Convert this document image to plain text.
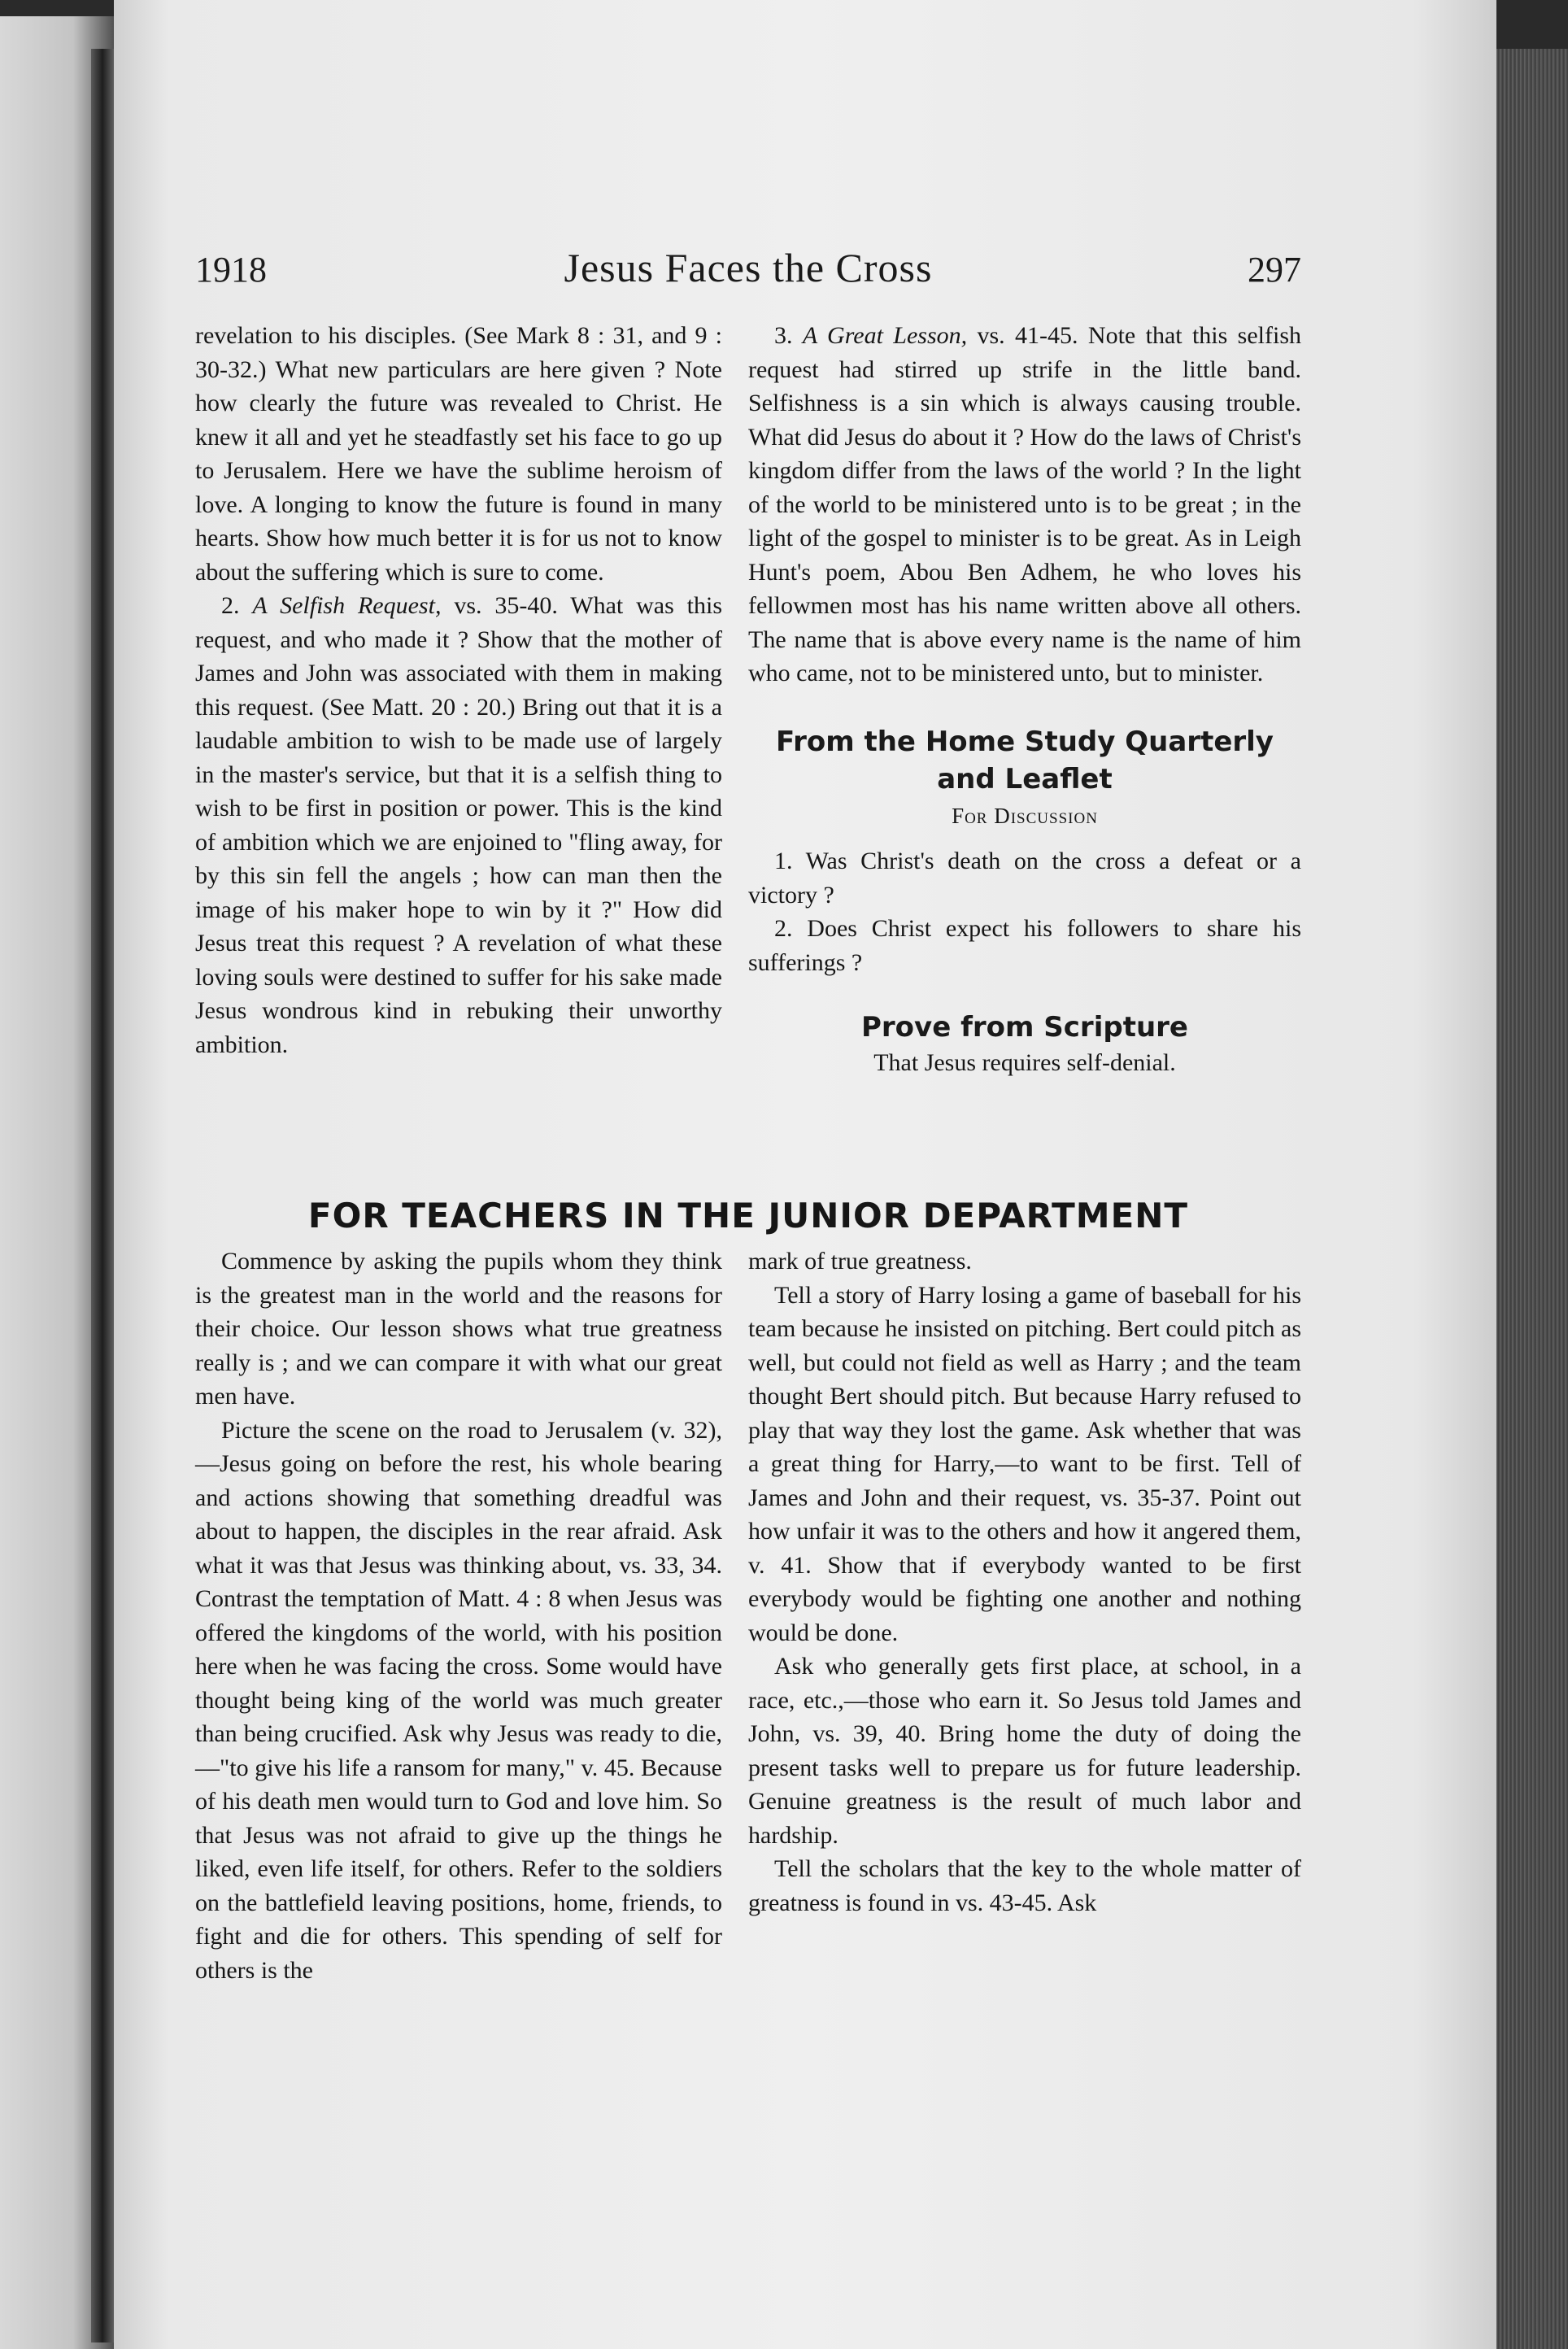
1918	Jesus Faces the Cross	297

revelation to his disciples. (See Mark 8 : 31, and 9 : 30-32.) What new particulars are here given ? Note how clearly the future was revealed to Christ. He knew it all and yet he steadfastly set his face to go up to Jerusalem. Here we have the sublime heroism of love. A longing to know the future is found in many hearts. Show how much better it is for us not to know about the suffering which is sure to come.

2. A Selfish Request, vs. 35-40. What was this request, and who made it ? Show that the mother of James and John was associated with them in making this request. (See Matt. 20 : 20.) Bring out that it is a laudable ambition to wish to be made use of largely in the master's service, but that it is a selfish thing to wish to be first in position or power. This is the kind of ambition which we are enjoined to "fling away, for by this sin fell the angels ; how can man then the image of his maker hope to win by it ?" How did Jesus treat this request ? A revelation of what these loving souls were destined to suffer for his sake made Jesus wondrous kind in rebuking their unworthy ambition.

3. A Great Lesson, vs. 41-45. Note that this selfish request had stirred up strife in the little band. Selfishness is a sin which is always causing trouble. What did Jesus do about it ? How do the laws of Christ's kingdom differ from the laws of the world ? In the light of the world to be ministered unto is to be great ; in the light of the gospel to minister is to be great. As in Leigh Hunt's poem, Abou Ben Adhem, he who loves his fellowmen most has his name written above all others. The name that is above every name is the name of him who came, not to be ministered unto, but to minister.

From the Home Study Quarterly and Leaflet
For Discussion

1. Was Christ's death on the cross a defeat or a victory ?

2. Does Christ expect his followers to share his sufferings ?

Prove from Scripture

That Jesus requires self-denial.

FOR TEACHERS IN THE JUNIOR DEPARTMENT

Commence by asking the pupils whom they think is the greatest man in the world and the reasons for their choice. Our lesson shows what true greatness really is ; and we can compare it with what our great men have.

Picture the scene on the road to Jerusalem (v. 32),—Jesus going on before the rest, his whole bearing and actions showing that something dreadful was about to happen, the disciples in the rear afraid. Ask what it was that Jesus was thinking about, vs. 33, 34. Contrast the temptation of Matt. 4 : 8 when Jesus was offered the kingdoms of the world, with his position here when he was facing the cross. Some would have thought being king of the world was much greater than being crucified. Ask why Jesus was ready to die,—"to give his life a ransom for many," v. 45. Because of his death men would turn to God and love him. So that Jesus was not afraid to give up the things he liked, even life itself, for others. Refer to the soldiers on the battlefield leaving positions, home, friends, to fight and die for others. This spending of self for others is the

mark of true greatness.

Tell a story of Harry losing a game of baseball for his team because he insisted on pitching. Bert could pitch as well, but could not field as well as Harry ; and the team thought Bert should pitch. But because Harry refused to play that way they lost the game. Ask whether that was a great thing for Harry,—to want to be first. Tell of James and John and their request, vs. 35-37. Point out how unfair it was to the others and how it angered them, v. 41. Show that if everybody wanted to be first everybody would be fighting one another and nothing would be done.

Ask who generally gets first place, at school, in a race, etc.,—those who earn it. So Jesus told James and John, vs. 39, 40. Bring home the duty of doing the present tasks well to prepare us for future leadership. Genuine greatness is the result of much labor and hardship.

Tell the scholars that the key to the whole matter of greatness is found in vs. 43-45. Ask
